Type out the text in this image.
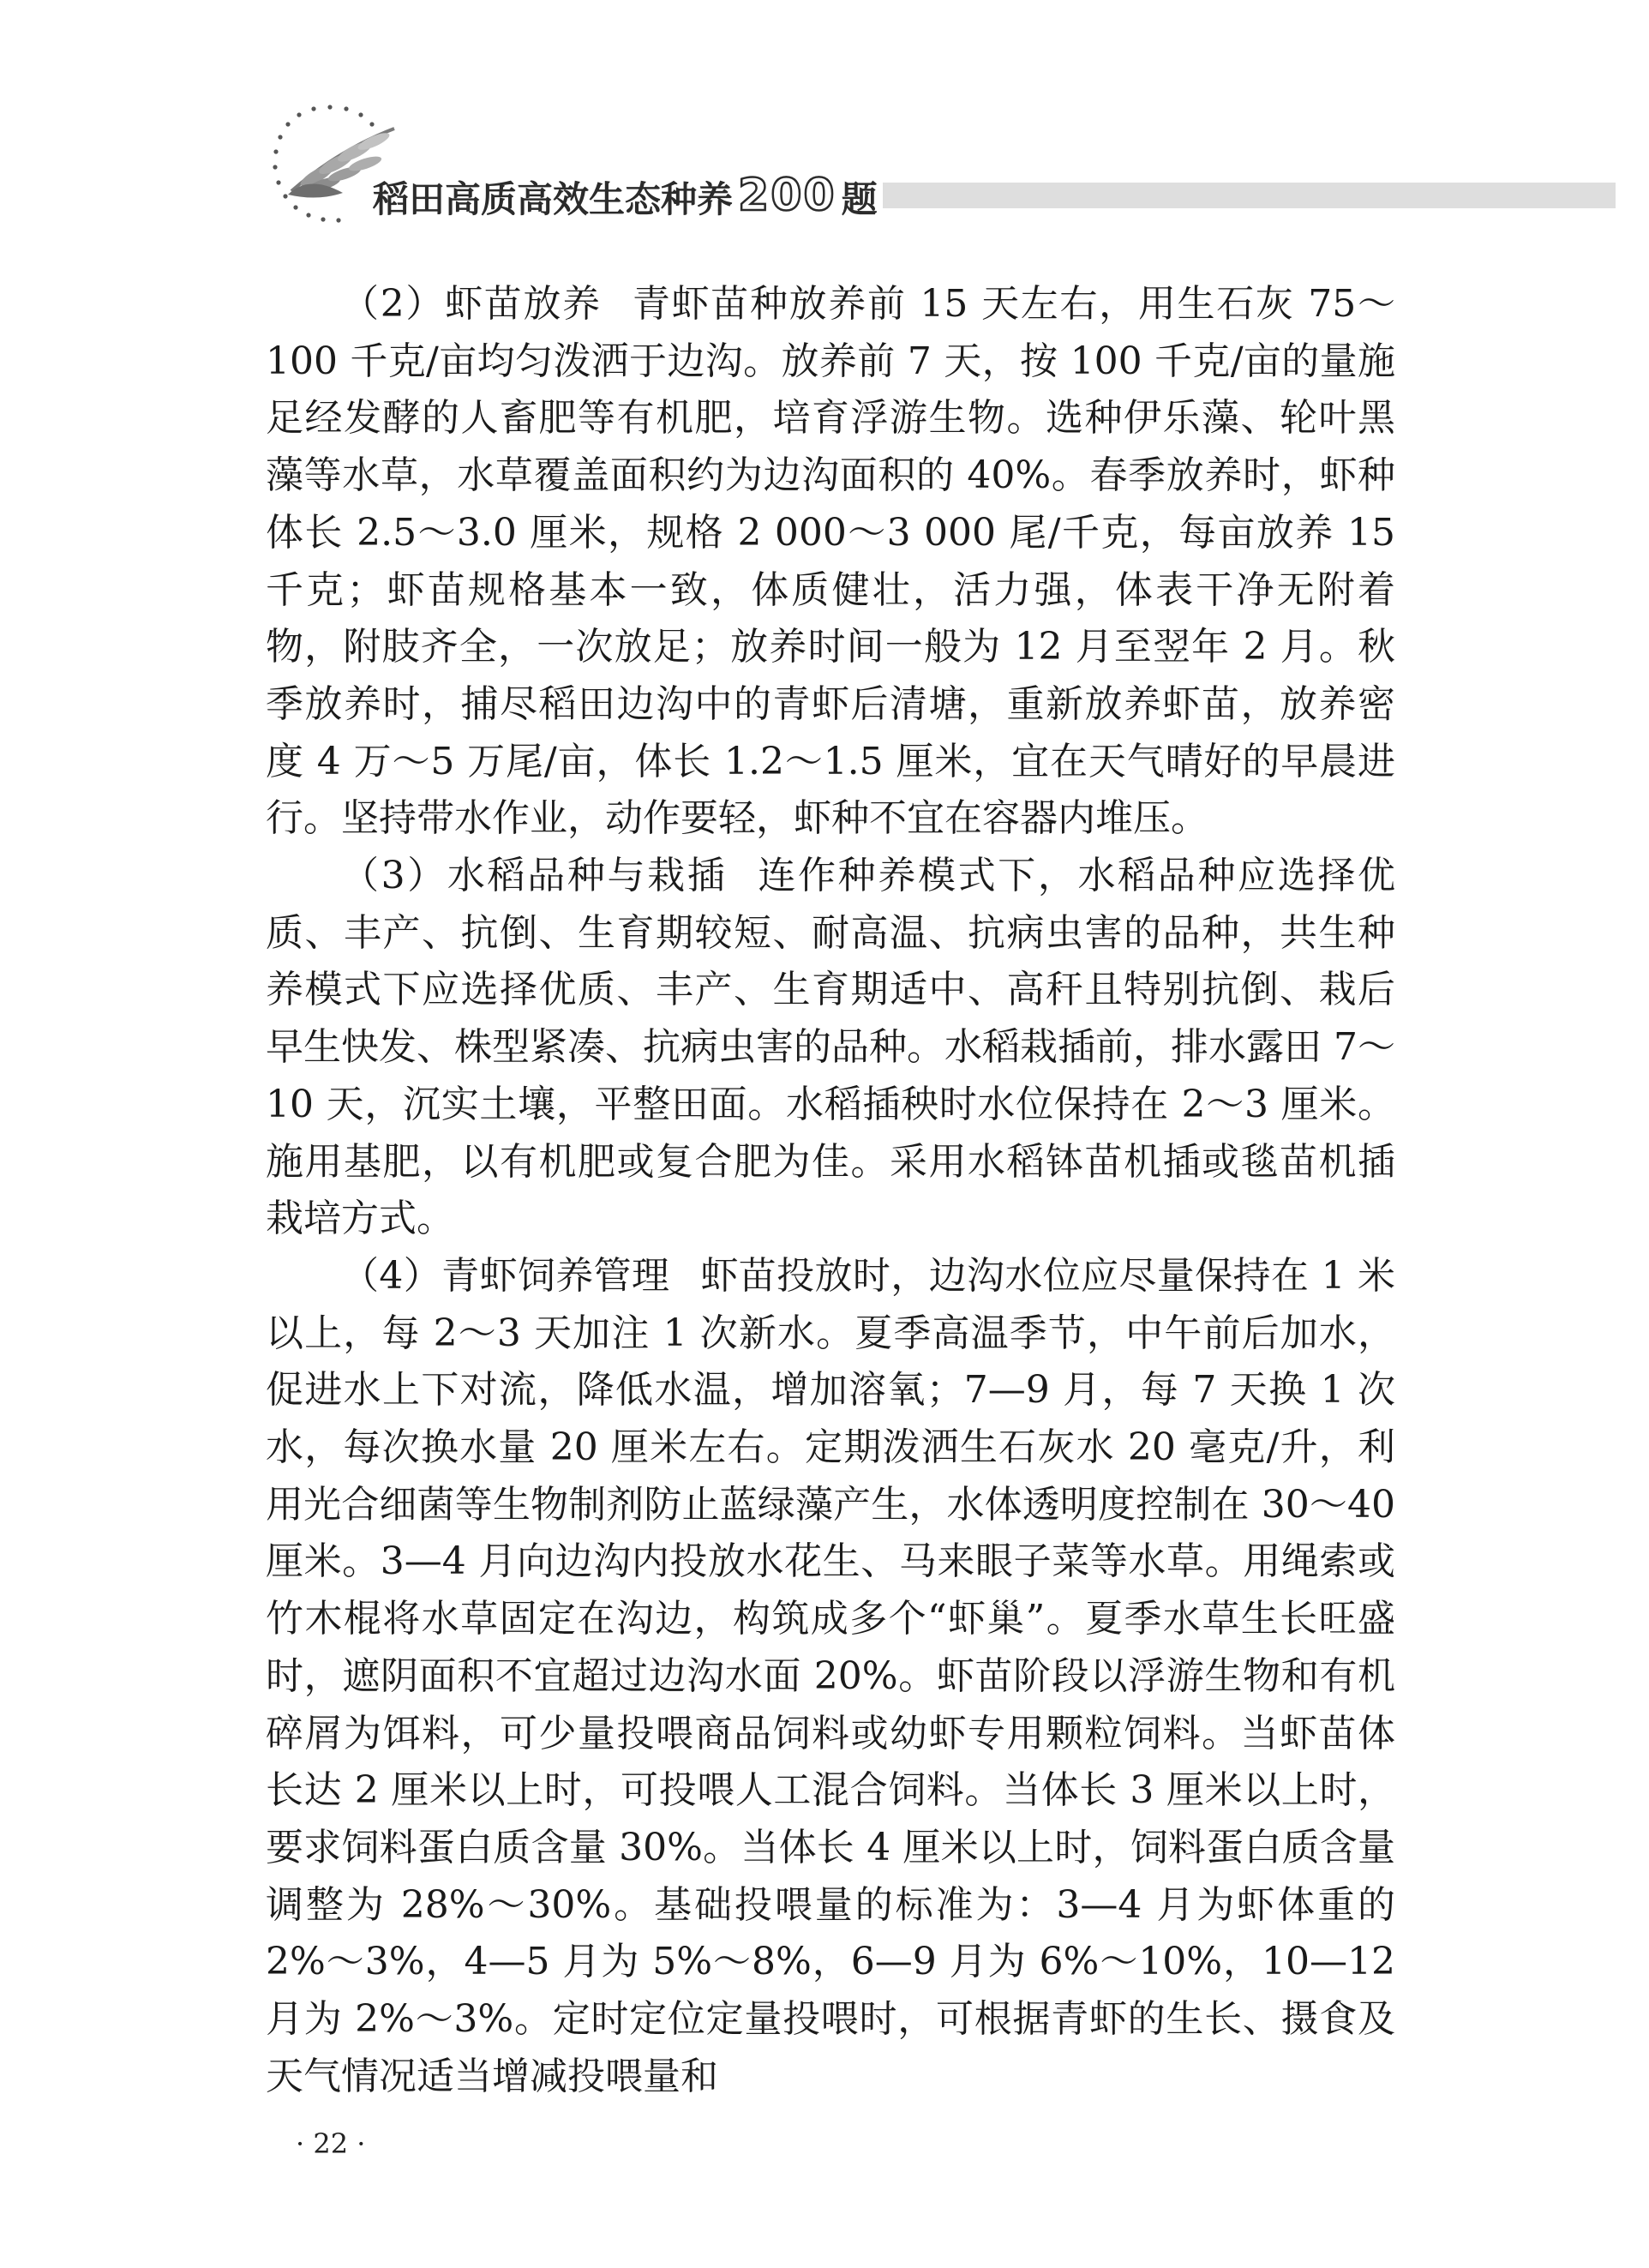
稻田高质高效生态种养 200 题

（2）虾苗放养 青虾苗种放养前 15 天左右，用生石灰 75～100 千克/亩均匀泼洒于边沟。放养前 7 天，按 100 千克/亩的量施足经发酵的人畜肥等有机肥，培育浮游生物。选种伊乐藻、轮叶黑藻等水草，水草覆盖面积约为边沟面积的 40%。春季放养时，虾种体长 2.5～3.0 厘米，规格 2 000～3 000 尾/千克，每亩放养 15 千克；虾苗规格基本一致，体质健壮，活力强，体表干净无附着物，附肢齐全，一次放足；放养时间一般为 12 月至翌年 2 月。秋季放养时，捕尽稻田边沟中的青虾后清塘，重新放养虾苗，放养密度 4 万～5 万尾/亩，体长 1.2～1.5 厘米，宜在天气晴好的早晨进行。坚持带水作业，动作要轻，虾种不宜在容器内堆压。

（3）水稻品种与栽插 连作种养模式下，水稻品种应选择优质、丰产、抗倒、生育期较短、耐高温、抗病虫害的品种，共生种养模式下应选择优质、丰产、生育期适中、高秆且特别抗倒、栽后早生快发、株型紧凑、抗病虫害的品种。水稻栽插前，排水露田 7～10 天，沉实土壤，平整田面。水稻插秧时水位保持在 2～3 厘米。施用基肥，以有机肥或复合肥为佳。采用水稻钵苗机插或毯苗机插栽培方式。

（4）青虾饲养管理 虾苗投放时，边沟水位应尽量保持在 1 米以上，每 2～3 天加注 1 次新水。夏季高温季节，中午前后加水，促进水上下对流，降低水温，增加溶氧；7—9 月，每 7 天换 1 次水，每次换水量 20 厘米左右。定期泼洒生石灰水 20 毫克/升，利用光合细菌等生物制剂防止蓝绿藻产生，水体透明度控制在 30～40 厘米。3—4 月向边沟内投放水花生、马来眼子菜等水草。用绳索或竹木棍将水草固定在沟边，构筑成多个“虾巢”。夏季水草生长旺盛时，遮阴面积不宜超过边沟水面 20%。虾苗阶段以浮游生物和有机碎屑为饵料，可少量投喂商品饲料或幼虾专用颗粒饲料。当虾苗体长达 2 厘米以上时，可投喂人工混合饲料。当体长 3 厘米以上时，要求饲料蛋白质含量 30%。当体长 4 厘米以上时，饲料蛋白质含量调整为 28%～30%。基础投喂量的标准为：3—4 月为虾体重的 2%～3%，4—5 月为 5%～8%，6—9 月为 6%～10%，10—12 月为 2%～3%。定时定位定量投喂时，可根据青虾的生长、摄食及天气情况适当增减投喂量和

· 22 ·
